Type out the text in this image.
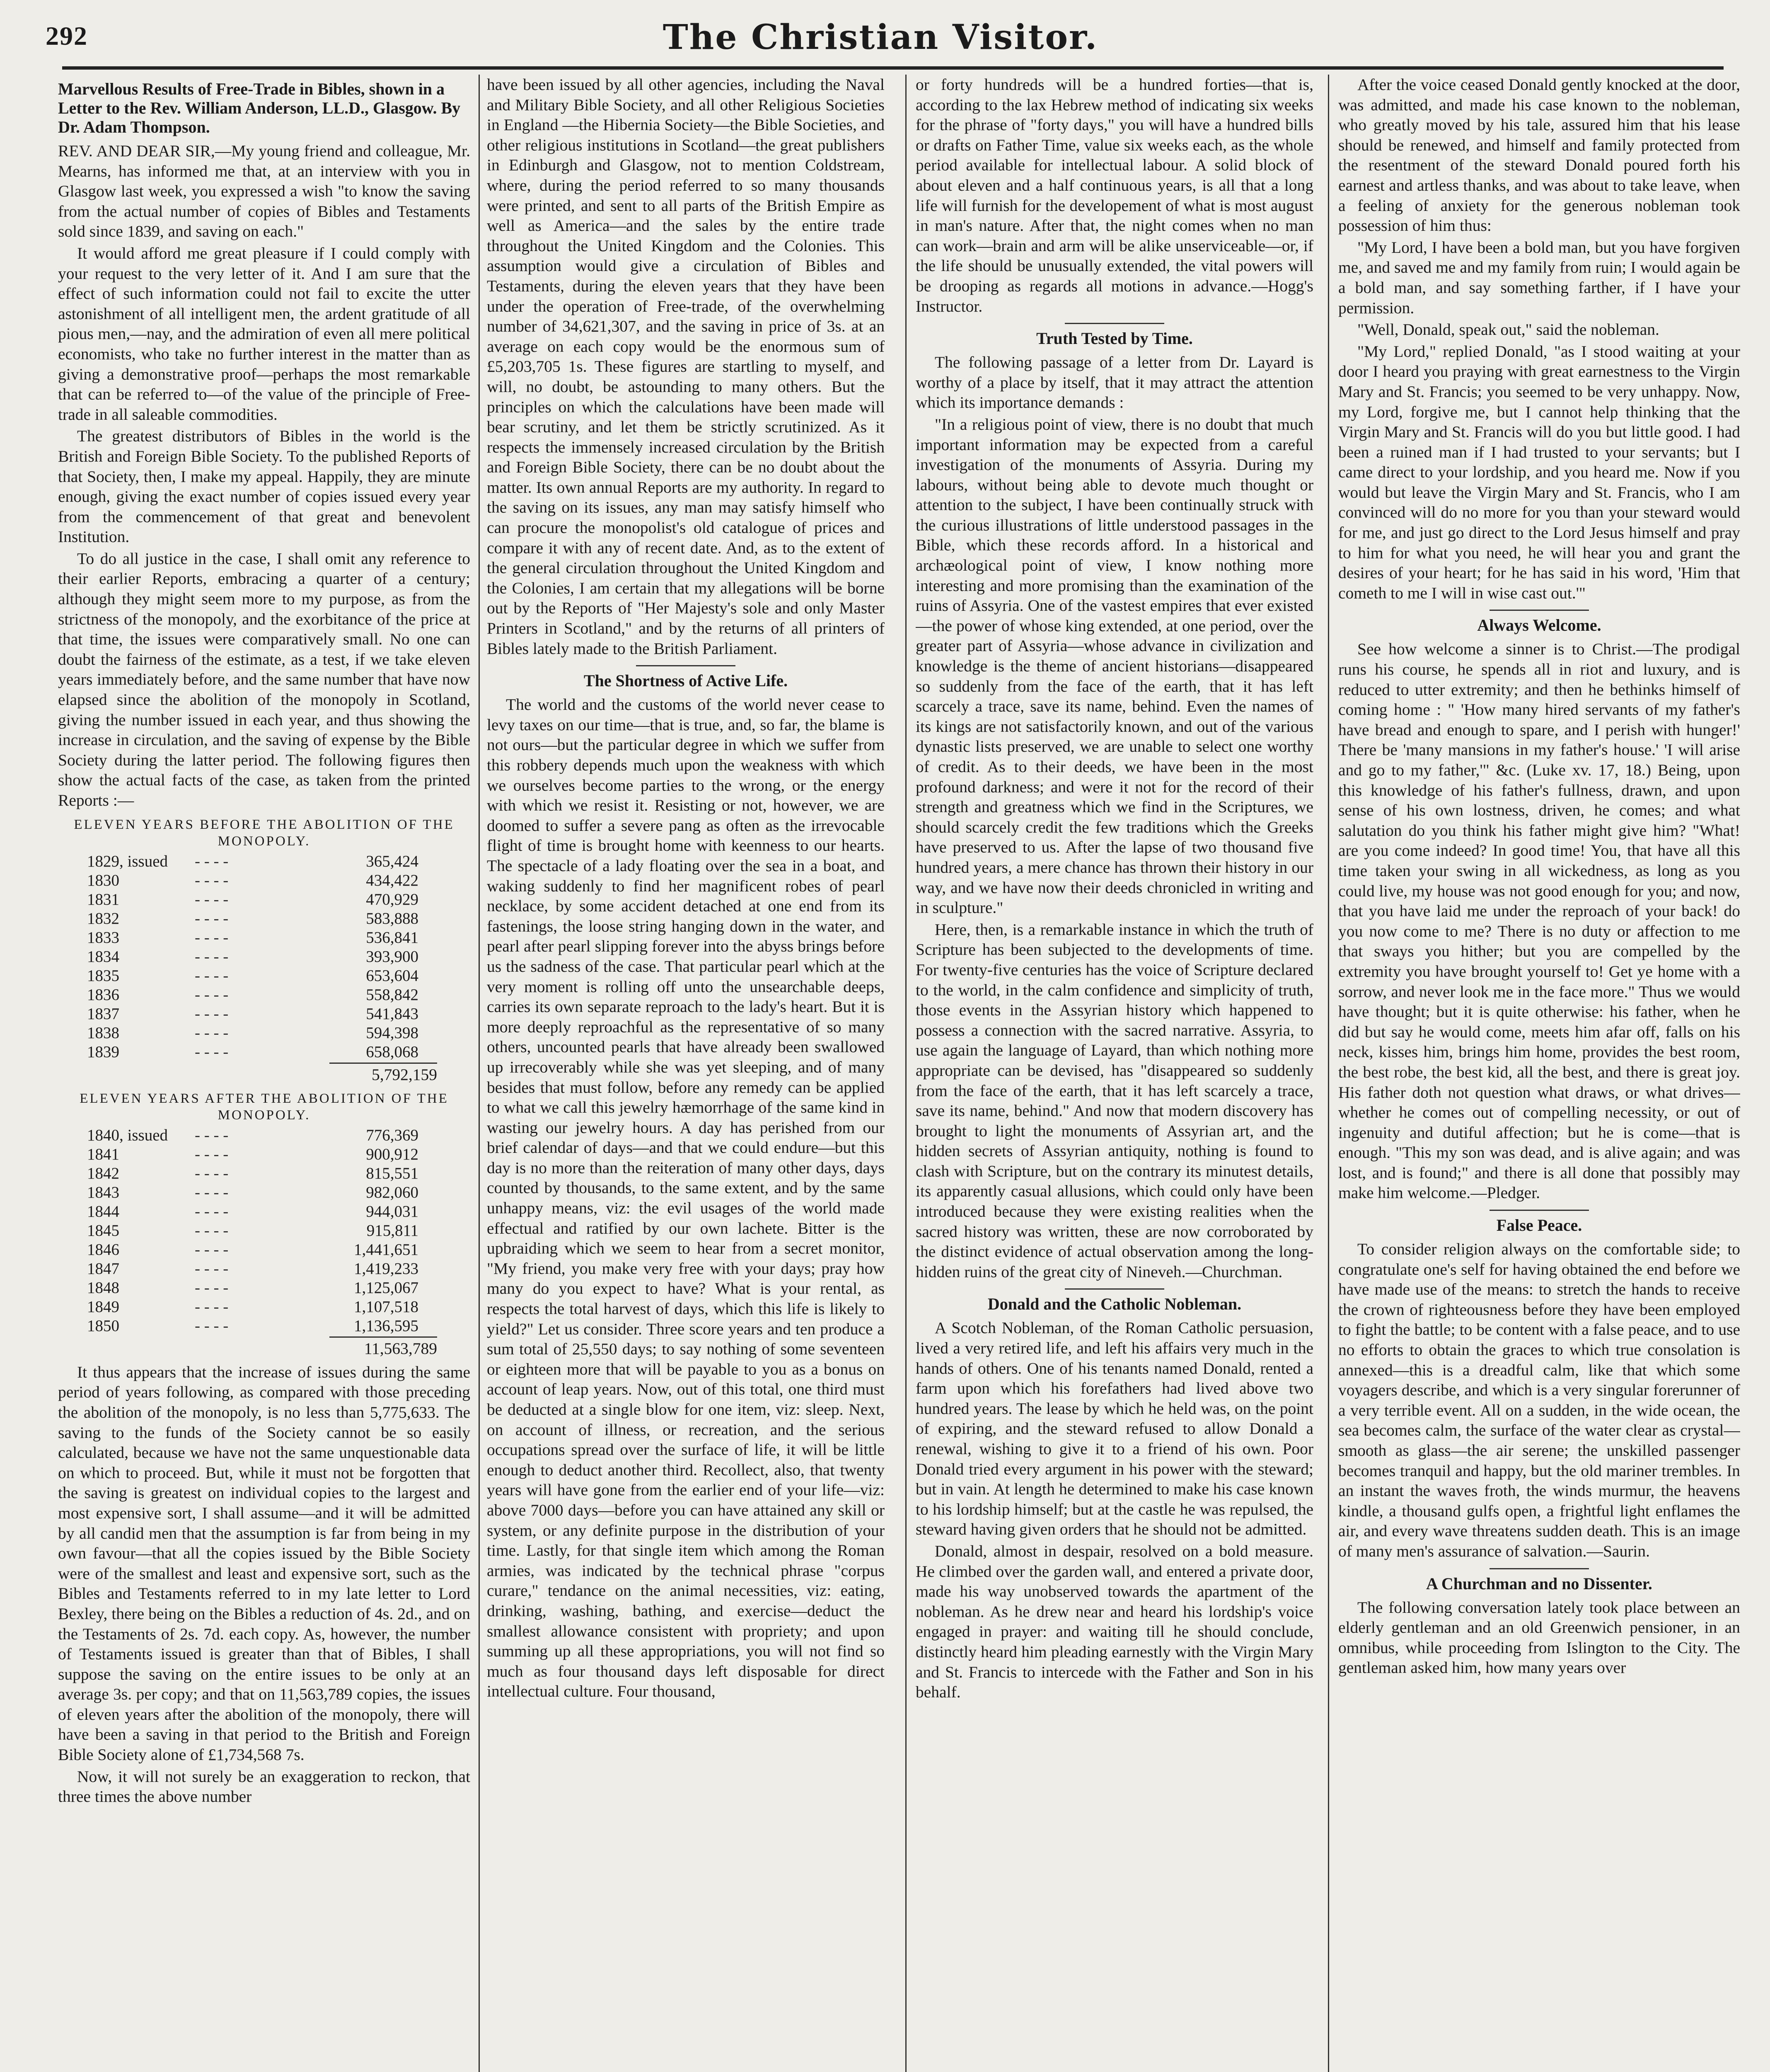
292	The Christian Visitor.
Marvellous Results of Free-Trade in Bibles, shown in a Letter to the Rev. William Anderson, LL.D., Glasgow. By Dr. Adam Thompson.

REV. AND DEAR SIR,—My young friend and colleague, Mr. Mearns, has informed me that, at an interview with you in Glasgow last week, you expressed a wish "to know the saving from the actual number of copies of Bibles and Testaments sold since 1839, and saving on each."

It would afford me great pleasure if I could comply with your request to the very letter of it. And I am sure that the effect of such information could not fail to excite the utter astonishment of all intelligent men, the ardent gratitude of all pious men,—nay, and the admiration of even all mere political economists, who take no further interest in the matter than as giving a demonstrative proof—perhaps the most remarkable that can be referred to—of the value of the principle of Free-trade in all saleable commodities.

The greatest distributors of Bibles in the world is the British and Foreign Bible Society. To the published Reports of that Society, then, I make my appeal. Happily, they are minute enough, giving the exact number of copies issued every year from the commencement of that great and benevolent Institution.

To do all justice in the case, I shall omit any reference to their earlier Reports, embracing a quarter of a century; although they might seem more to my purpose, as from the strictness of the monopoly, and the exorbitance of the price at that time, the issues were comparatively small. No one can doubt the fairness of the estimate, as a test, if we take eleven years immediately before, and the same number that have now elapsed since the abolition of the monopoly in Scotland, giving the number issued in each year, and thus showing the increase in circulation, and the saving of expense by the Bible Society during the latter period. The following figures then show the actual facts of the case, as taken from the printed Reports :—

ELEVEN YEARS BEFORE THE ABOLITION OF THE MONOPOLY.
1829, issued	- - - -	365,424
1830	- - - -	434,422
1831	- - - -	470,929
1832	- - - -	583,888
1833	- - - -	536,841
1834	- - - -	393,900
1835	- - - -	653,604
1836	- - - -	558,842
1837	- - - -	541,843
1838	- - - -	594,398
1839	- - - -	658,068
5,792,159
ELEVEN YEARS AFTER THE ABOLITION OF THE MONOPOLY.
1840, issued	- - - -	776,369
1841	- - - -	900,912
1842	- - - -	815,551
1843	- - - -	982,060
1844	- - - -	944,031
1845	- - - -	915,811
1846	- - - -	1,441,651
1847	- - - -	1,419,233
1848	- - - -	1,125,067
1849	- - - -	1,107,518
1850	- - - -	1,136,595
11,563,789

It thus appears that the increase of issues during the same period of years following, as compared with those preceding the abolition of the monopoly, is no less than 5,775,633. The saving to the funds of the Society cannot be so easily calculated, because we have not the same unquestionable data on which to proceed. But, while it must not be forgotten that the saving is greatest on individual copies to the largest and most expensive sort, I shall assume—and it will be admitted by all candid men that the assumption is far from being in my own favour—that all the copies issued by the Bible Society were of the smallest and least and expensive sort, such as the Bibles and Testaments referred to in my late letter to Lord Bexley, there being on the Bibles a reduction of 4s. 2d., and on the Testaments of 2s. 7d. each copy. As, however, the number of Testaments issued is greater than that of Bibles, I shall suppose the saving on the entire issues to be only at an average 3s. per copy; and that on 11,563,789 copies, the issues of eleven years after the abolition of the monopoly, there will have been a saving in that period to the British and Foreign Bible Society alone of £1,734,568 7s.

Now, it will not surely be an exaggeration to reckon, that three times the above number

have been issued by all other agencies, including the Naval and Military Bible Society, and all other Religious Societies in England —the Hibernia Society—the Bible Societies, and other religious institutions in Scotland—the great publishers in Edinburgh and Glasgow, not to mention Coldstream, where, during the period referred to so many thousands were printed, and sent to all parts of the British Empire as well as America—and the sales by the entire trade throughout the United Kingdom and the Colonies. This assumption would give a circulation of Bibles and Testaments, during the eleven years that they have been under the operation of Free-trade, of the overwhelming number of 34,621,307, and the saving in price of 3s. at an average on each copy would be the enormous sum of £5,203,705 1s. These figures are startling to myself, and will, no doubt, be astounding to many others. But the principles on which the calculations have been made will bear scrutiny, and let them be strictly scrutinized. As it respects the immensely increased circulation by the British and Foreign Bible Society, there can be no doubt about the matter. Its own annual Reports are my authority. In regard to the saving on its issues, any man may satisfy himself who can procure the monopolist's old catalogue of prices and compare it with any of recent date. And, as to the extent of the general circulation throughout the United Kingdom and the Colonies, I am certain that my allegations will be borne out by the Reports of "Her Majesty's sole and only Master Printers in Scotland," and by the returns of all printers of Bibles lately made to the British Parliament.

The Shortness of Active Life.

The world and the customs of the world never cease to levy taxes on our time—that is true, and, so far, the blame is not ours—but the particular degree in which we suffer from this robbery depends much upon the weakness with which we ourselves become parties to the wrong, or the energy with which we resist it. Resisting or not, however, we are doomed to suffer a severe pang as often as the irrevocable flight of time is brought home with keenness to our hearts. The spectacle of a lady floating over the sea in a boat, and waking suddenly to find her magnificent robes of pearl necklace, by some accident detached at one end from its fastenings, the loose string hanging down in the water, and pearl after pearl slipping forever into the abyss brings before us the sadness of the case. That particular pearl which at the very moment is rolling off unto the unsearchable deeps, carries its own separate reproach to the lady's heart. But it is more deeply reproachful as the representative of so many others, uncounted pearls that have already been swallowed up irrecoverably while she was yet sleeping, and of many besides that must follow, before any remedy can be applied to what we call this jewelry hæmorrhage of the same kind in wasting our jewelry hours. A day has perished from our brief calendar of days—and that we could endure—but this day is no more than the reiteration of many other days, days counted by thousands, to the same extent, and by the same unhappy means, viz: the evil usages of the world made effectual and ratified by our own lachete. Bitter is the upbraiding which we seem to hear from a secret monitor, "My friend, you make very free with your days; pray how many do you expect to have? What is your rental, as respects the total harvest of days, which this life is likely to yield?" Let us consider. Three score years and ten produce a sum total of 25,550 days; to say nothing of some seventeen or eighteen more that will be payable to you as a bonus on account of leap years. Now, out of this total, one third must be deducted at a single blow for one item, viz: sleep. Next, on account of illness, or recreation, and the serious occupations spread over the surface of life, it will be little enough to deduct another third. Recollect, also, that twenty years will have gone from the earlier end of your life—viz: above 7000 days—before you can have attained any skill or system, or any definite purpose in the distribution of your time. Lastly, for that single item which among the Roman armies, was indicated by the technical phrase "corpus curare," tendance on the animal necessities, viz: eating, drinking, washing, bathing, and exercise—deduct the smallest allowance consistent with propriety; and upon summing up all these appropriations, you will not find so much as four thousand days left disposable for direct intellectual culture. Four thousand,

or forty hundreds will be a hundred forties—that is, according to the lax Hebrew method of indicating six weeks for the phrase of "forty days," you will have a hundred bills or drafts on Father Time, value six weeks each, as the whole period available for intellectual labour. A solid block of about eleven and a half continuous years, is all that a long life will furnish for the developement of what is most august in man's nature. After that, the night comes when no man can work—brain and arm will be alike unserviceable—or, if the life should be unusually extended, the vital powers will be drooping as regards all motions in advance.—Hogg's Instructor.

Truth Tested by Time.

The following passage of a letter from Dr. Layard is worthy of a place by itself, that it may attract the attention which its importance demands :

"In a religious point of view, there is no doubt that much important information may be expected from a careful investigation of the monuments of Assyria. During my labours, without being able to devote much thought or attention to the subject, I have been continually struck with the curious illustrations of little understood passages in the Bible, which these records afford. In a historical and archæological point of view, I know nothing more interesting and more promising than the examination of the ruins of Assyria. One of the vastest empires that ever existed—the power of whose king extended, at one period, over the greater part of Assyria—whose advance in civilization and knowledge is the theme of ancient historians—disappeared so suddenly from the face of the earth, that it has left scarcely a trace, save its name, behind. Even the names of its kings are not satisfactorily known, and out of the various dynastic lists preserved, we are unable to select one worthy of credit. As to their deeds, we have been in the most profound darkness; and were it not for the record of their strength and greatness which we find in the Scriptures, we should scarcely credit the few traditions which the Greeks have preserved to us. After the lapse of two thousand five hundred years, a mere chance has thrown their history in our way, and we have now their deeds chronicled in writing and in sculpture."

Here, then, is a remarkable instance in which the truth of Scripture has been subjected to the developments of time. For twenty-five centuries has the voice of Scripture declared to the world, in the calm confidence and simplicity of truth, those events in the Assyrian history which happened to possess a connection with the sacred narrative. Assyria, to use again the language of Layard, than which nothing more appropriate can be devised, has "disappeared so suddenly from the face of the earth, that it has left scarcely a trace, save its name, behind." And now that modern discovery has brought to light the monuments of Assyrian art, and the hidden secrets of Assyrian antiquity, nothing is found to clash with Scripture, but on the contrary its minutest details, its apparently casual allusions, which could only have been introduced because they were existing realities when the sacred history was written, these are now corroborated by the distinct evidence of actual observation among the long-hidden ruins of the great city of Nineveh.—Churchman.

Donald and the Catholic Nobleman.

A Scotch Nobleman, of the Roman Catholic persuasion, lived a very retired life, and left his affairs very much in the hands of others. One of his tenants named Donald, rented a farm upon which his forefathers had lived above two hundred years. The lease by which he held was, on the point of expiring, and the steward refused to allow Donald a renewal, wishing to give it to a friend of his own. Poor Donald tried every argument in his power with the steward; but in vain. At length he determined to make his case known to his lordship himself; but at the castle he was repulsed, the steward having given orders that he should not be admitted.

Donald, almost in despair, resolved on a bold measure. He climbed over the garden wall, and entered a private door, made his way unobserved towards the apartment of the nobleman. As he drew near and heard his lordship's voice engaged in prayer: and waiting till he should conclude, distinctly heard him pleading earnestly with the Virgin Mary and St. Francis to intercede with the Father and Son in his behalf.

After the voice ceased Donald gently knocked at the door, was admitted, and made his case known to the nobleman, who greatly moved by his tale, assured him that his lease should be renewed, and himself and family protected from the resentment of the steward Donald poured forth his earnest and artless thanks, and was about to take leave, when a feeling of anxiety for the generous nobleman took possession of him thus:

"My Lord, I have been a bold man, but you have forgiven me, and saved me and my family from ruin; I would again be a bold man, and say something farther, if I have your permission.

"Well, Donald, speak out," said the nobleman.

"My Lord," replied Donald, "as I stood waiting at your door I heard you praying with great earnestness to the Virgin Mary and St. Francis; you seemed to be very unhappy. Now, my Lord, forgive me, but I cannot help thinking that the Virgin Mary and St. Francis will do you but little good. I had been a ruined man if I had trusted to your servants; but I came direct to your lordship, and you heard me. Now if you would but leave the Virgin Mary and St. Francis, who I am convinced will do no more for you than your steward would for me, and just go direct to the Lord Jesus himself and pray to him for what you need, he will hear you and grant the desires of your heart; for he has said in his word, 'Him that cometh to me I will in wise cast out.'"

Always Welcome.

See how welcome a sinner is to Christ.—The prodigal runs his course, he spends all in riot and luxury, and is reduced to utter extremity; and then he bethinks himself of coming home : " 'How many hired servants of my father's have bread and enough to spare, and I perish with hunger!' There be 'many mansions in my father's house.' 'I will arise and go to my father,'" &c. (Luke xv. 17, 18.) Being, upon this knowledge of his father's fullness, drawn, and upon sense of his own lostness, driven, he comes; and what salutation do you think his father might give him? "What! are you come indeed? In good time! You, that have all this time taken your swing in all wickedness, as long as you could live, my house was not good enough for you; and now, that you have laid me under the reproach of your back! do you now come to me? There is no duty or affection to me that sways you hither; but you are compelled by the extremity you have brought yourself to! Get ye home with a sorrow, and never look me in the face more." Thus we would have thought; but it is quite otherwise: his father, when he did but say he would come, meets him afar off, falls on his neck, kisses him, brings him home, provides the best room, the best robe, the best kid, all the best, and there is great joy. His father doth not question what draws, or what drives—whether he comes out of compelling necessity, or out of ingenuity and dutiful affection; but he is come—that is enough. "This my son was dead, and is alive again; and was lost, and is found;" and there is all done that possibly may make him welcome.—Pledger.

False Peace.

To consider religion always on the comfortable side; to congratulate one's self for having obtained the end before we have made use of the means: to stretch the hands to receive the crown of righteousness before they have been employed to fight the battle; to be content with a false peace, and to use no efforts to obtain the graces to which true consolation is annexed—this is a dreadful calm, like that which some voyagers describe, and which is a very singular forerunner of a very terrible event. All on a sudden, in the wide ocean, the sea becomes calm, the surface of the water clear as crystal—smooth as glass—the air serene; the unskilled passenger becomes tranquil and happy, but the old mariner trembles. In an instant the waves froth, the winds murmur, the heavens kindle, a thousand gulfs open, a frightful light enflames the air, and every wave threatens sudden death. This is an image of many men's assurance of salvation.—Saurin.

A Churchman and no Dissenter.

The following conversation lately took place between an elderly gentleman and an old Greenwich pensioner, in an omnibus, while proceeding from Islington to the City. The gentleman asked him, how many years over
